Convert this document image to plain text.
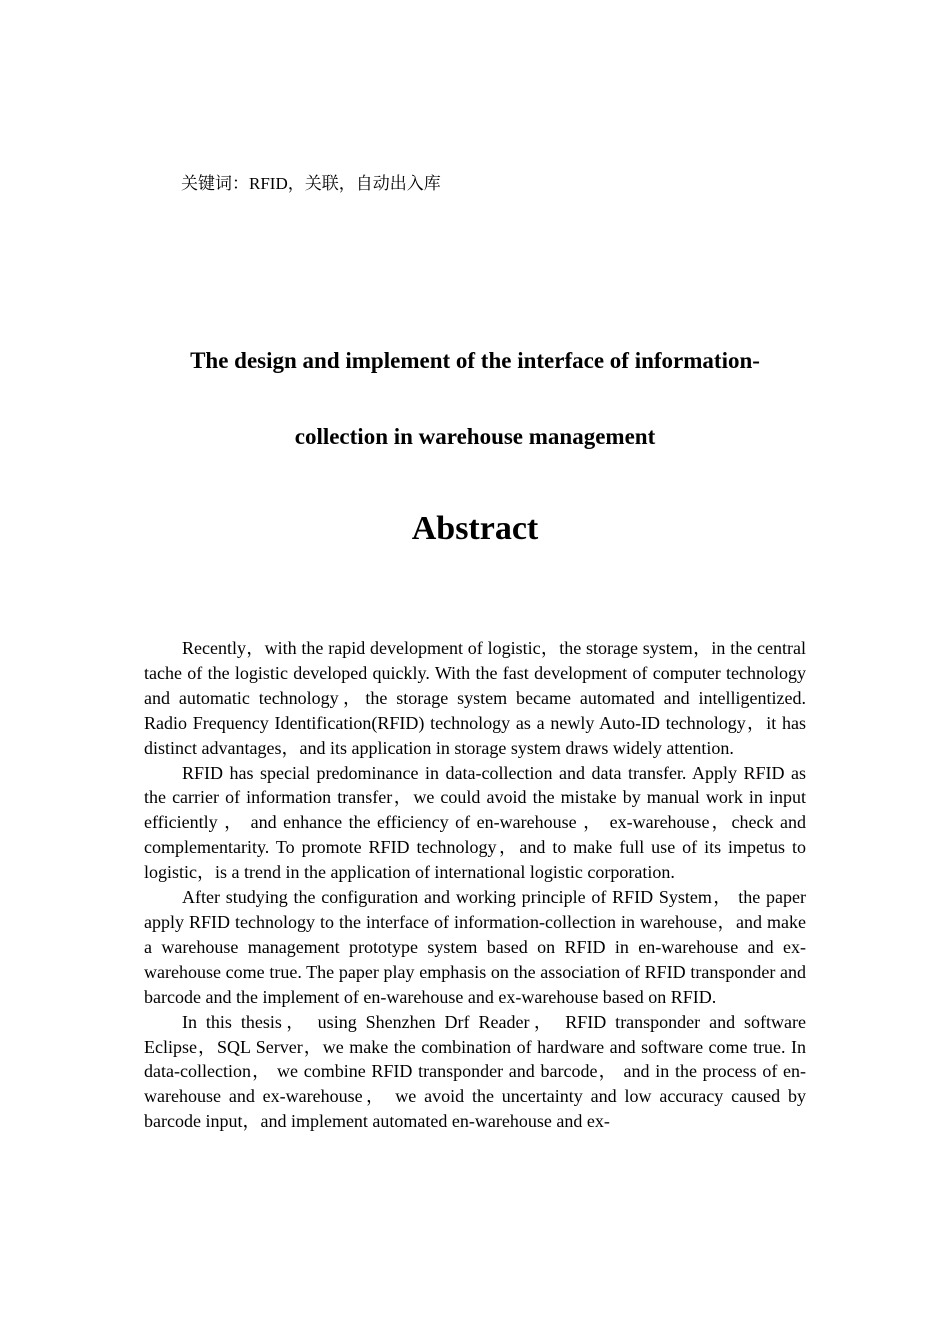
关键词：RFID，关联，自动出入库
The design and implement of the interface of information-
collection in warehouse management
Abstract

Recently，with the rapid development of logistic，the storage system，in the central tache of the logistic developed quickly. With the fast development of computer technology and automatic technology，the storage system became automated and intelligentized. Radio Frequency Identification(RFID) technology as a newly Auto-ID technology，it has distinct advantages，and its application in storage system draws widely attention.

RFID has special predominance in data-collection and data transfer. Apply RFID as the carrier of information transfer，we could avoid the mistake by manual work in input efficiently ， and enhance the efficiency of en-warehouse ， ex-warehouse，check and complementarity. To promote RFID technology，and to make full use of its impetus to logistic，is a trend in the application of international logistic corporation.

After studying the configuration and working principle of RFID System， the paper apply RFID technology to the interface of information-collection in warehouse，and make a warehouse management prototype system based on RFID in en-warehouse and ex-warehouse come true. The paper play emphasis on the association of RFID transponder and barcode and the implement of en-warehouse and ex-warehouse based on RFID.

In this thesis， using Shenzhen Drf Reader， RFID transponder and software Eclipse，SQL Server，we make the combination of hardware and software come true. In data-collection， we combine RFID transponder and barcode， and in the process of en-warehouse and ex-warehouse， we avoid the uncertainty and low accuracy caused by barcode input，and implement automated en-warehouse and ex-
